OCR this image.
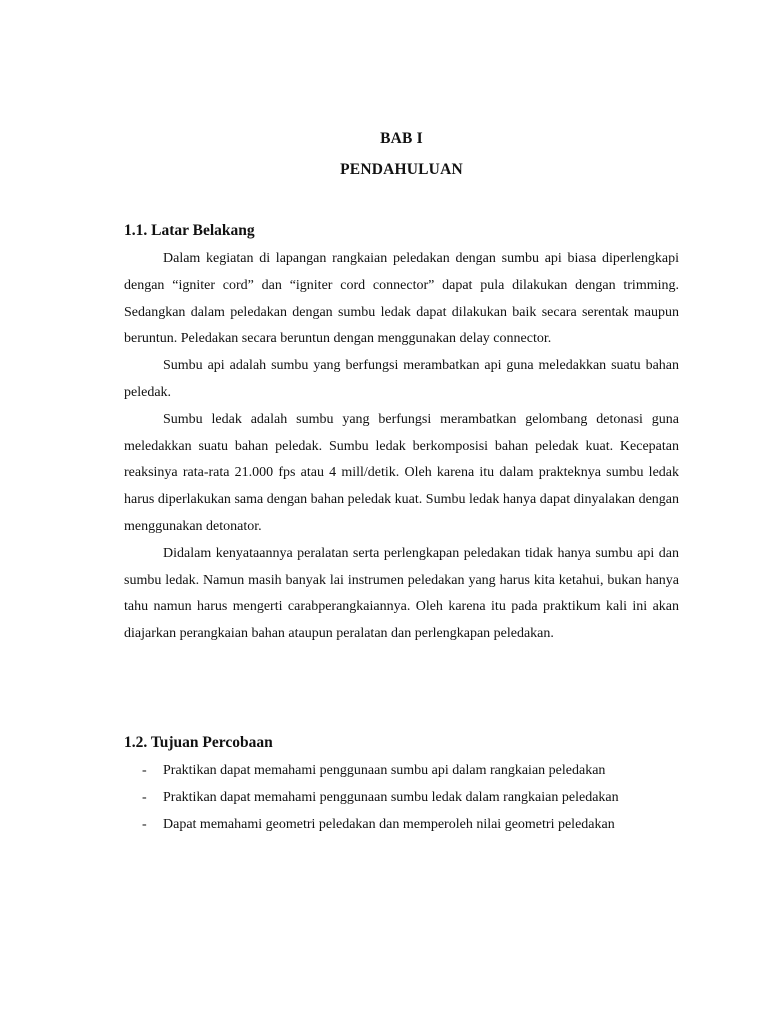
BAB I
PENDAHULUAN
1.1. Latar Belakang

Dalam kegiatan di lapangan rangkaian peledakan dengan sumbu api biasa diperlengkapi dengan “igniter cord” dan “igniter cord connector” dapat pula dilakukan dengan trimming. Sedangkan dalam peledakan dengan sumbu ledak dapat dilakukan baik secara serentak maupun beruntun. Peledakan secara beruntun dengan menggunakan delay connector.

Sumbu api adalah sumbu yang berfungsi merambatkan api guna meledakkan suatu bahan peledak.

Sumbu ledak adalah sumbu yang berfungsi merambatkan gelombang detonasi guna meledakkan suatu bahan peledak. Sumbu ledak berkomposisi bahan peledak kuat. Kecepatan reaksinya rata-rata 21.000 fps atau 4 mill/detik. Oleh karena itu dalam prakteknya sumbu ledak harus diperlakukan sama dengan bahan peledak kuat. Sumbu ledak hanya dapat dinyalakan dengan menggunakan detonator.

Didalam kenyataannya peralatan serta perlengkapan peledakan tidak hanya sumbu api dan sumbu ledak. Namun masih banyak lai instrumen peledakan yang harus kita ketahui, bukan hanya tahu namun harus mengerti carabperangkaiannya. Oleh karena itu pada praktikum kali ini akan diajarkan perangkaian bahan ataupun peralatan dan perlengkapan peledakan.

1.2. Tujuan Percobaan
- Praktikan dapat memahami penggunaan sumbu api dalam rangkaian peledakan
- Praktikan dapat memahami penggunaan sumbu ledak dalam rangkaian peledakan
- Dapat memahami geometri peledakan dan memperoleh nilai geometri peledakan
